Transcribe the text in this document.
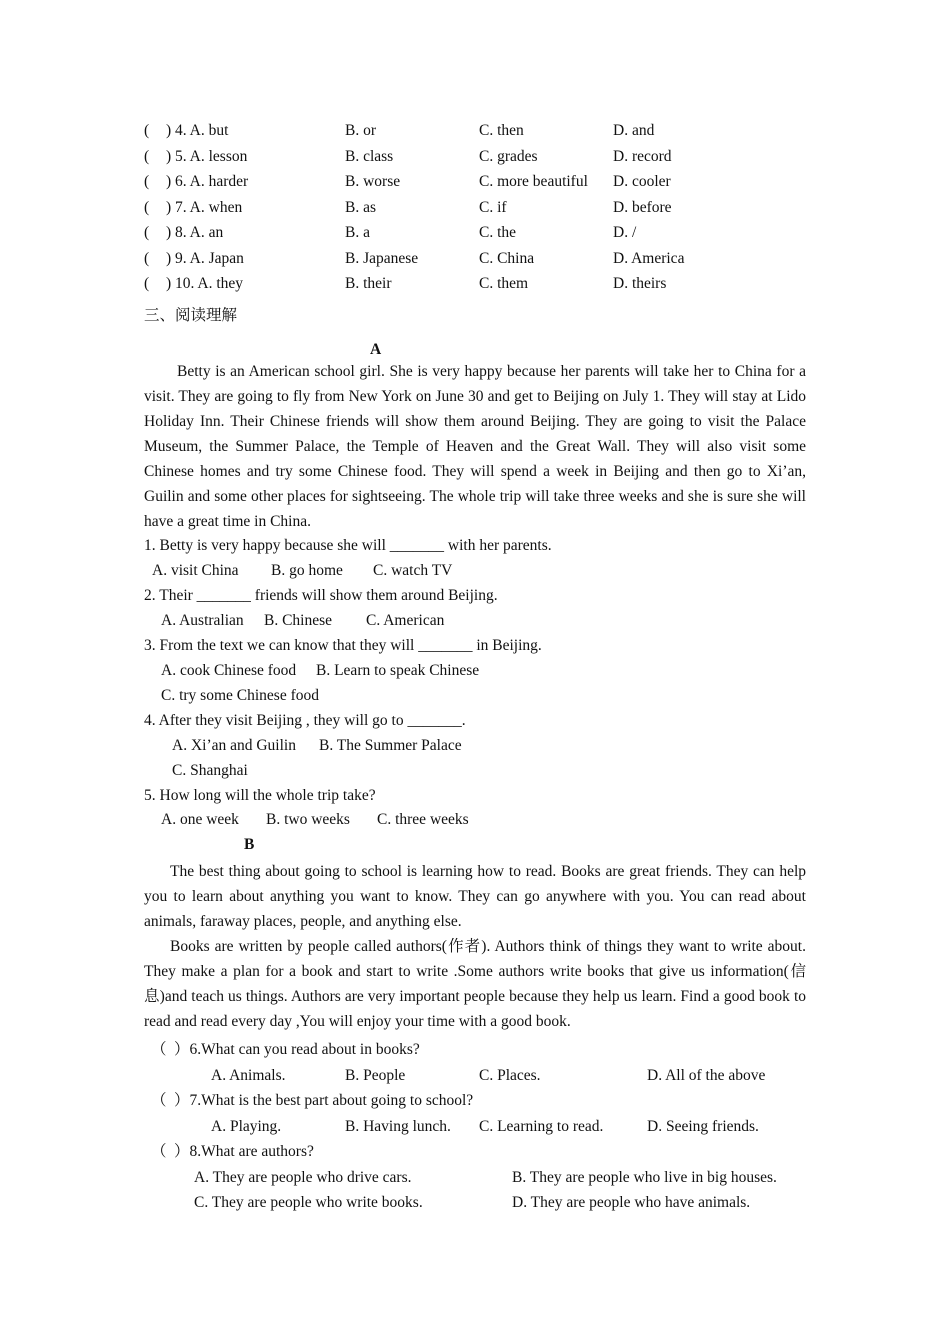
( ) 4. A. but	B. or	C. then	D. and
( ) 5. A. lesson	B. class	C. grades	D. record
( ) 6. A. harder	B. worse	C. more beautiful D. cooler
( ) 7. A. when	B. as	C. if	D. before
( ) 8. A. an	B. a	C. the	D. /
( ) 9. A. Japan	B. Japanese	C. China	D. America
( ) 10. A. they	B. their	C. them	D. theirs
三、阅读理解
A

Betty is an American school girl. She is very happy because her parents will take her to China for a visit. They are going to fly from New York on June 30 and get to Beijing on July 1. They will stay at Lido Holiday Inn. Their Chinese friends will show them around Beijing. They are going to visit the Palace Museum, the Summer Palace, the Temple of Heaven and the Great Wall. They will also visit some Chinese homes and try some Chinese food. They will spend a week in Beijing and then go to Xi’an, Guilin and some other places for sightseeing. The whole trip will take three weeks and she is sure she will have a great time in China.

1. Betty is very happy because she will _______ with her parents.
A. visit China B. go home C. watch TV
2. Their _______ friends will show them around Beijing.
A. Australian B. Chinese C. American
3. From the text we can know that they will _______ in Beijing.
A. cook Chinese food B. Learn to speak Chinese
C. try some Chinese food
4. After they visit Beijing , they will go to _______.
A. Xi’an and Guilin B. The Summer Palace
C. Shanghai
5. How long will the whole trip take?
A. one week B. two weeks C. three weeks
B

The best thing about going to school is learning how to read. Books are great friends. They can help you to learn about anything you want to know. They can go anywhere with you. You can read about animals, faraway places, people, and anything else.

Books are written by people called authors(作者). Authors think of things they want to write about. They make a plan for a book and start to write .Some authors write books that give us information(信息)and teach us things. Authors are very important people because they help us learn. Find a good book to read and read every day ,You will enjoy your time with a good book.

（ ）6.What can you read about in books?
A. Animals.	B. People	C. Places.	D. All of the above
（ ）7.What is the best part about going to school?
A. Playing.	B. Having lunch. C. Learning to read.	D. Seeing friends.
（ ）8.What are authors?
A. They are people who drive cars.	B. They are people who live in big houses.
C. They are people who write books.	D. They are people who have animals.
